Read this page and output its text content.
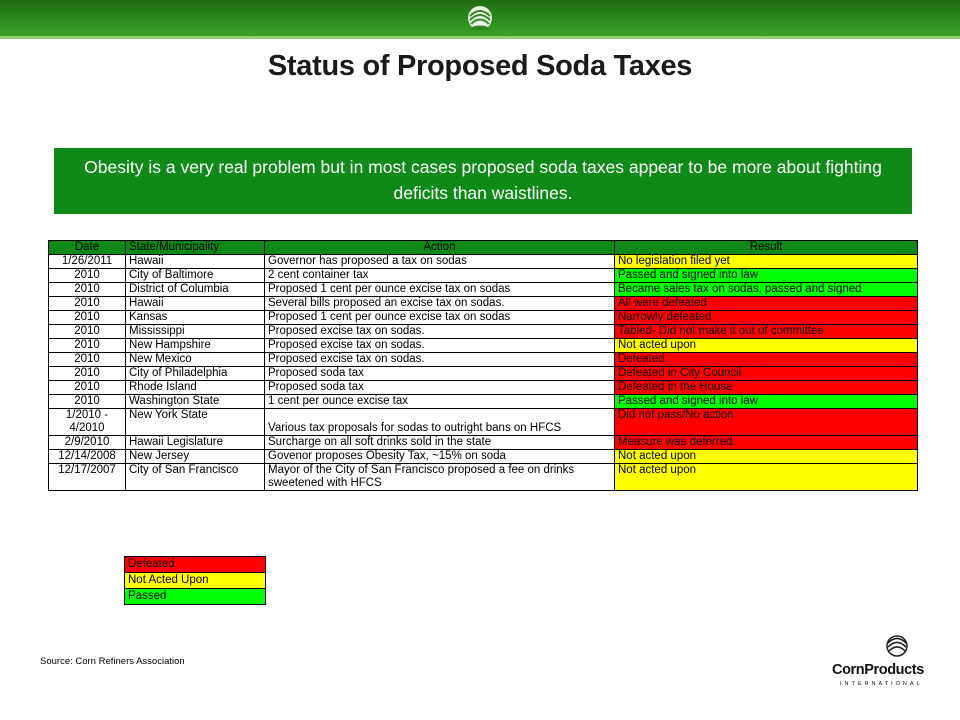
Status of Proposed Soda Taxes
Obesity is a very real problem but in most cases proposed soda taxes appear to be more about fighting deficits than waistlines.
Date	State/Municipality	Action	Result
1/26/2011	Hawaii	Governor has proposed a tax on sodas	No legislation filed yet
2010	City of Baltimore	2 cent container tax	Passed and signed into law
2010	District of Columbia	Proposed 1 cent per ounce excise tax on sodas	Became sales tax on sodas, passed and signed
2010	Hawaii	Several bills proposed an excise tax on sodas.	All were defeated
2010	Kansas	Proposed 1 cent per ounce excise tax on sodas	Narrowly defeated
2010	Mississippi	Proposed excise tax on sodas.	Tabled- Did not make it out of committee
2010	New Hampshire	Proposed excise tax on sodas.	Not acted upon
2010	New Mexico	Proposed excise tax on sodas.	Defeated
2010	City of Philadelphia	Proposed soda tax	Defeated in City Council
2010	Rhode Island	Proposed soda tax	Defeated in the House
2010	Washington State	1 cent per ounce excise tax	Passed and signed into law
1/2010 - 4/2010	New York State	Various tax proposals for sodas to outright bans on HFCS	Did not pass/No action
2/9/2010	Hawaii Legislature	Surcharge on all soft drinks sold in the state	Measure was deferred.
12/14/2008	New Jersey	Govenor proposes Obesity Tax, ~15% on soda	Not acted upon
12/17/2007	City of San Francisco	Mayor of the City of San Francisco proposed a fee on drinks sweetened with HFCS	Not acted upon
Defeated
Not Acted Upon
Passed
Source: Corn Refiners Association
CornProducts
INTERNATIONAL
